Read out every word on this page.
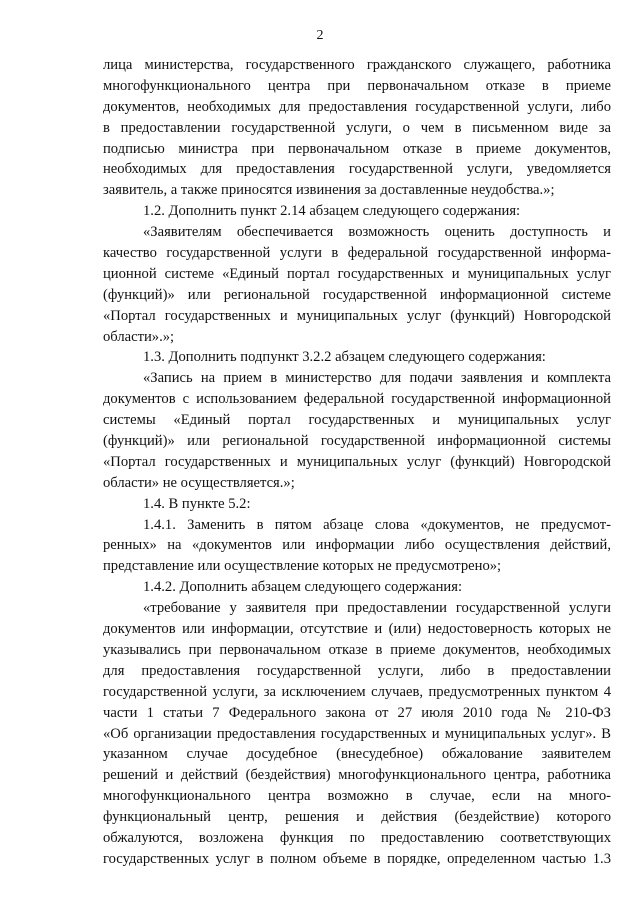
2
лица министерства, государственного гражданского служащего, работника
многофункционального центра при первоначальном отказе в приеме
документов, необходимых для предоставления государственной услуги, либо
в предоставлении государственной услуги, о чем в письменном виде за
подписью министра при первоначальном отказе в приеме документов,
необходимых для предоставления государственной услуги, уведомляется
заявитель, а также приносятся извинения за доставленные неудобства.»;
1.2. Дополнить пункт 2.14 абзацем следующего содержания:
«Заявителям обеспечивается возможность оценить доступность и
качество государственной услуги в федеральной государственной информа-
ционной системе «Единый портал государственных и муниципальных услуг
(функций)» или региональной государственной информационной системе
«Портал государственных и муниципальных услуг (функций) Новгородской
области».»;
1.3. Дополнить подпункт 3.2.2 абзацем следующего содержания:
«Запись на прием в министерство для подачи заявления и комплекта
документов с использованием федеральной государственной информационной
системы «Единый портал государственных и муниципальных услуг
(функций)» или региональной государственной информационной системы
«Портал государственных и муниципальных услуг (функций) Новгородской
области» не осуществляется.»;
1.4. В пункте 5.2:
1.4.1. Заменить в пятом абзаце слова «документов, не предусмот-
ренных» на «документов или информации либо осуществления действий,
представление или осуществление которых не предусмотрено»;
1.4.2. Дополнить абзацем следующего содержания:
«требование у заявителя при предоставлении государственной услуги
документов или информации, отсутствие и (или) недостоверность которых не
указывались при первоначальном отказе в приеме документов, необходимых
для предоставления государственной услуги, либо в предоставлении
государственной услуги, за исключением случаев, предусмотренных пунктом 4
части 1 статьи 7 Федерального закона от 27 июля 2010 года № 210-ФЗ
«Об организации предоставления государственных и муниципальных услуг». В
указанном случае досудебное (внесудебное) обжалование заявителем
решений и действий (бездействия) многофункционального центра, работника
многофункционального центра возможно в случае, если на много-
функциональный центр, решения и действия (бездействие) которого
обжалуются, возложена функция по предоставлению соответствующих
государственных услуг в полном объеме в порядке, определенном частью 1.3
